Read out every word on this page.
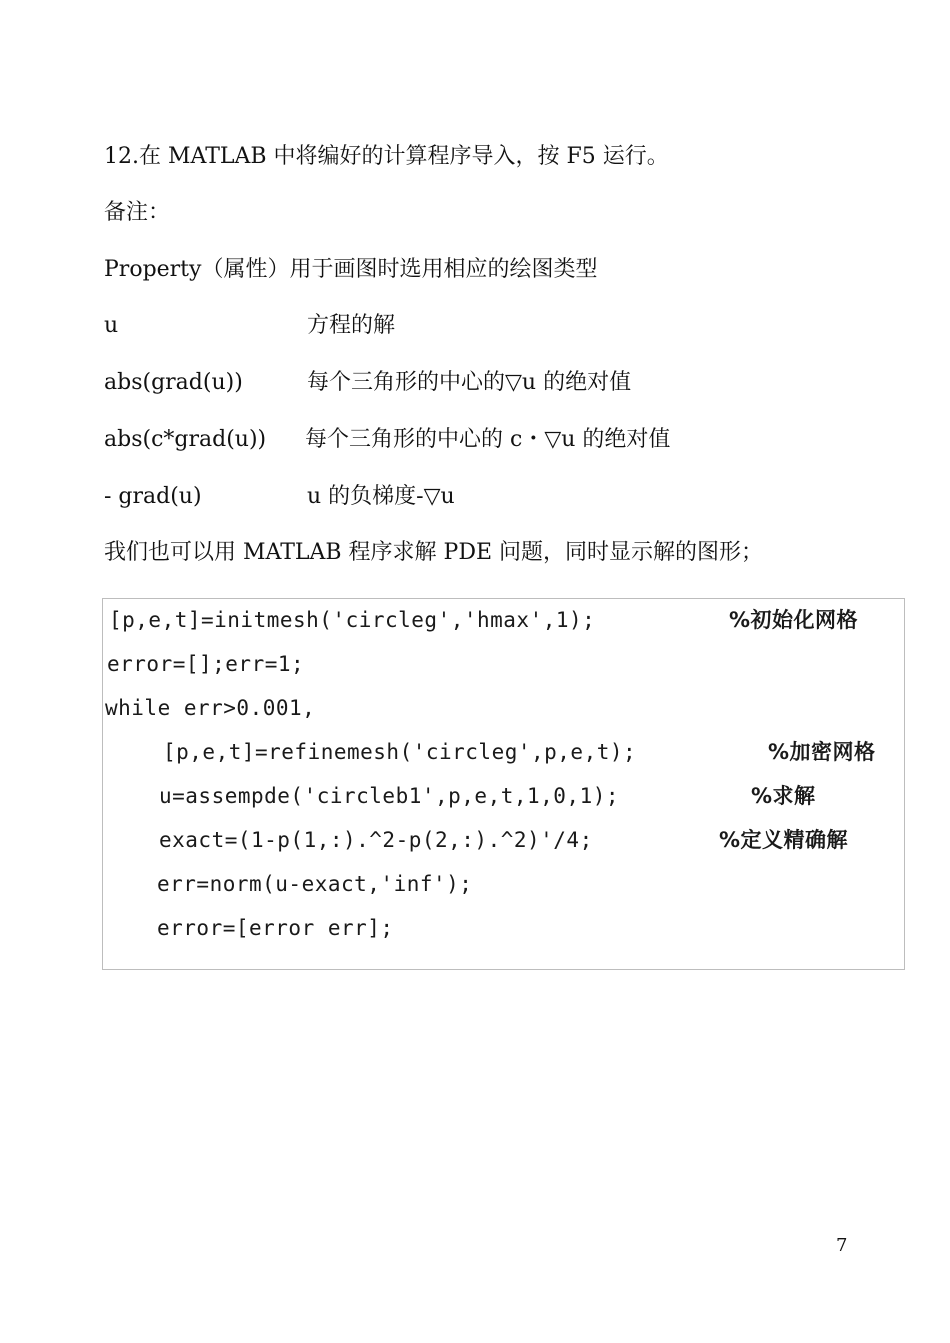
12.在 MATLAB 中将编好的计算程序导入，按 F5 运行。
备注：
Property（属性）用于画图时选用相应的绘图类型
u	方程的解
abs(grad(u))	每个三角形的中心的▽u 的绝对值
abs(c*grad(u)) 每个三角形的中心的 c・▽u 的绝对值
- grad(u)	u 的负梯度-▽u
我们也可以用 MATLAB 程序求解 PDE 问题，同时显示解的图形；
[p,e,t]=initmesh('circleg','hmax',1);	%初始化网格
error=[];err=1;
while err>0.001,
[p,e,t]=refinemesh('circleg',p,e,t);	%加密网格
u=assempde('circleb1',p,e,t,1,0,1);	%求解
exact=(1-p(1,:).^2-p(2,:).^2)'/4;	%定义精确解
err=norm(u-exact,'inf');
error=[error err];
7
